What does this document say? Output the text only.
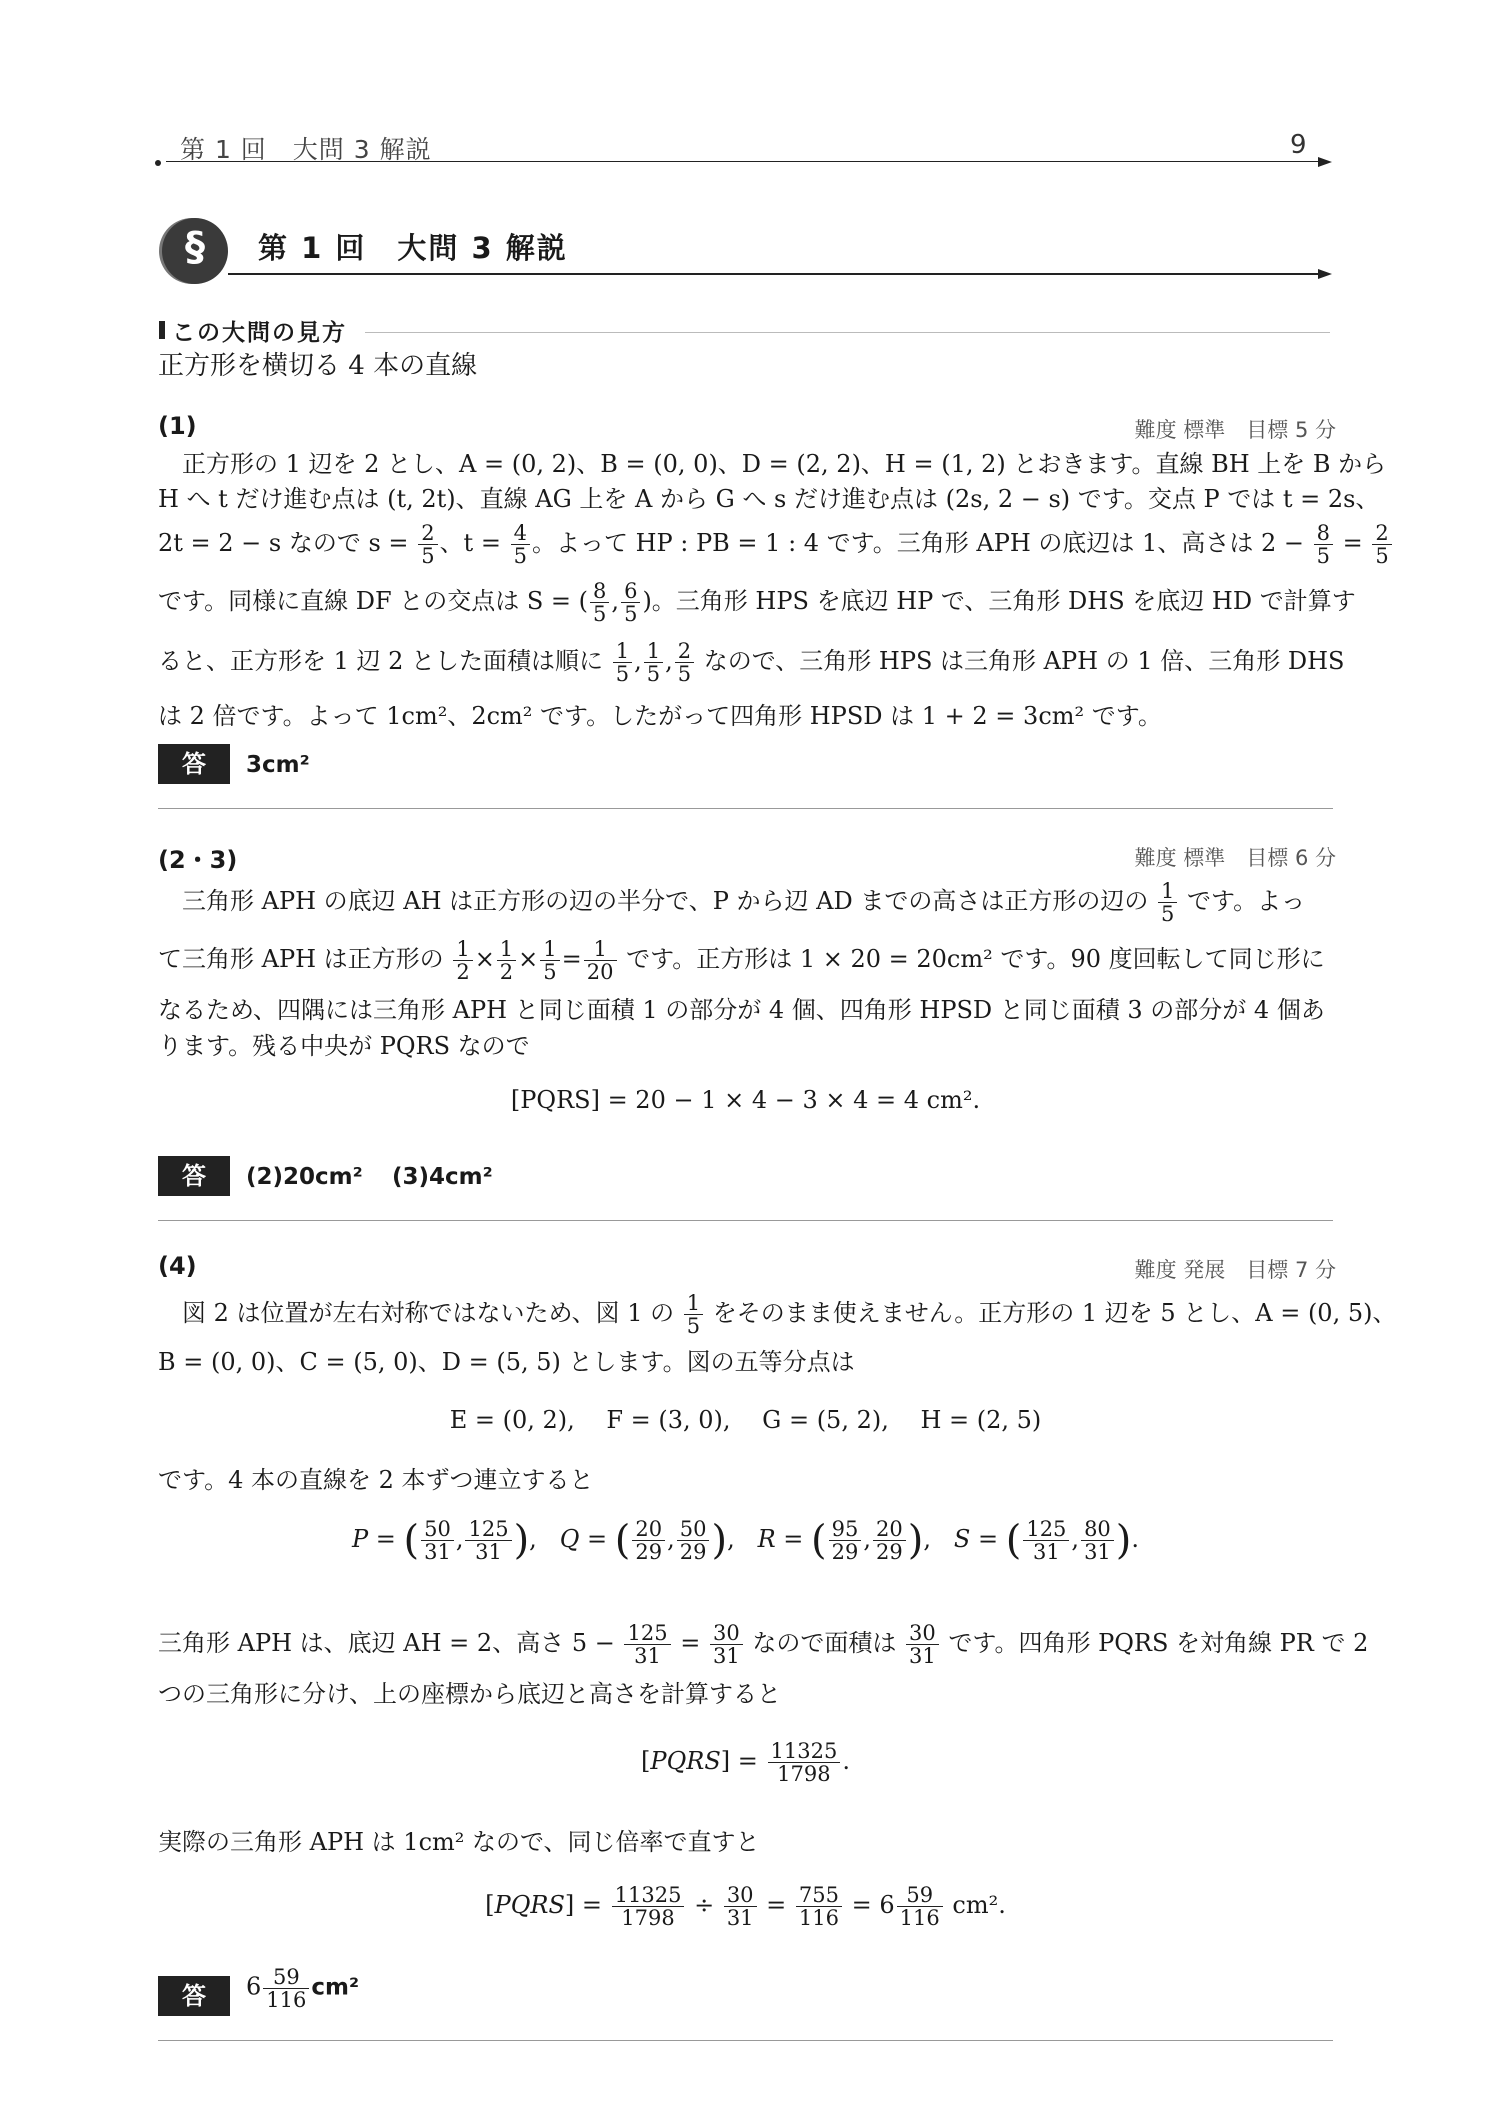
第 1 回　大問 3 解説	9
§	第 1 回　大問 3 解説
この大問の見方
正方形を横切る 4 本の直線
(1)	難度 標準　目標 5 分
正方形の 1 辺を 2 とし、A = (0, 2)、B = (0, 0)、D = (2, 2)、H = (1, 2) とおきます。直線 BH 上を B から
H へ t だけ進む点は (t, 2t)、直線 AG 上を A から G へ s だけ進む点は (2s, 2 − s) です。交点 P では t = 2s、
2t = 2 − s なので $s = \frac{2}{5}$ 、$t = \frac{4}{5}$ 。よって HP : PB = 1 : 4 です。三角形 APH の底辺は 1、高さは $2 - \frac{8}{5} = \frac{2}{5}$
です。同様に直線 DF との交点は S = ( $\frac{8}{5}$ , $\frac{6}{5}$ )。三角形 HPS を底辺 HP で、三角形 DHS を底辺 HD で計算す
ると、正方形を 1 辺 2 とした面積は順に $\frac{1}{5}$ , $\frac{1}{5}$ , $\frac{2}{5}$ なので、三角形 HPS は三角形 APH の 1 倍、三角形 DHS
は 2 倍です。よって 1cm²、2cm² です。したがって四角形 HPSD は 1 + 2 = 3cm² です。
答	3cm²
(2・3)	難度 標準　目標 6 分
三角形 APH の底辺 AH は正方形の辺の半分で、P から辺 AD までの高さは正方形の辺の $\frac{1}{5}$ です。よっ
て三角形 APH は正方形の $\frac{1}{2} \times \frac{1}{2} \times \frac{1}{5} = \frac{1}{20}$ です。正方形は 1 × 20 = 20cm² です。90 度回転して同じ形に
なるため、四隅には三角形 APH と同じ面積 1 の部分が 4 個、四角形 HPSD と同じ面積 3 の部分が 4 個あ
ります。残る中央が PQRS なので
[PQRS] = 20 − 1 × 4 − 3 × 4 = 4 cm².
答	(2)20cm² (3)4cm²
(4)	難度 発展　目標 7 分
図 2 は位置が左右対称ではないため、図 1 の $\frac{1}{5}$ をそのまま使えません。正方形の 1 辺を 5 とし、A = (0, 5)、
B = (0, 0)、C = (5, 0)、D = (5, 5) とします。図の五等分点は
E = (0, 2),　 F = (3, 0),　 G = (5, 2),　 H = (2, 5)
です。4 本の直線を 2 本ずつ連立すると
P = ( $\frac{50}{31}$ , $\frac{125}{31}$ ),   Q = ( $\frac{20}{29}$ , $\frac{50}{29}$ ),   R = ( $\frac{95}{29}$ , $\frac{20}{29}$ ),   S = ( $\frac{125}{31}$ , $\frac{80}{31}$ ).
三角形 APH は、底辺 AH = 2、高さ $5 - \frac{125}{31} = \frac{30}{31}$ なので面積は $\frac{30}{31}$ です。四角形 PQRS を対角線 PR で 2
つの三角形に分け、上の座標から底辺と高さを計算すると
[PQRS] = $\frac{11325}{1798}$ .
実際の三角形 APH は 1cm² なので、同じ倍率で直すと
[PQRS] = $\frac{11325}{1798} \div \frac{30}{31} = \frac{755}{116} = 6 \frac{59}{116} cm^2$.
答	$6 \frac{59}{116} cm^2$
